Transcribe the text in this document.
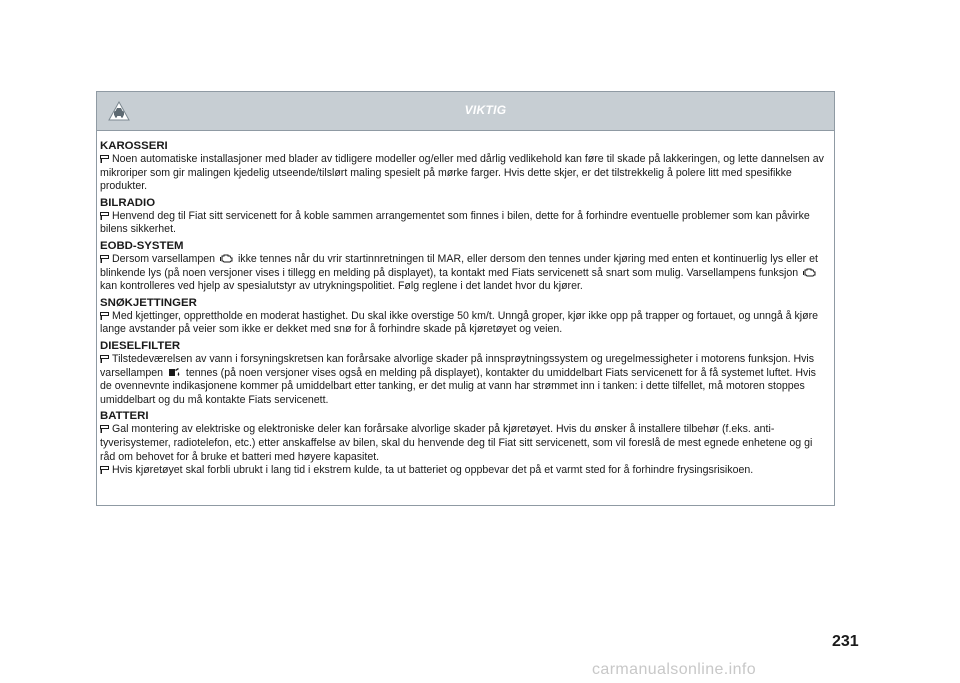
VIKTIG
KAROSSERI

Noen automatiske installasjoner med blader av tidligere modeller og/eller med dårlig vedlikehold kan føre til skade på lakkeringen, og lette dannelsen av mikroriper som gir malingen kjedelig utseende/tilslørt maling spesielt på mørke farger. Hvis dette skjer, er det tilstrekkelig å polere litt med spesifikke produkter.

BILRADIO

Henvend deg til Fiat sitt servicenett for å koble sammen arrangementet som finnes i bilen, dette for å forhindre eventuelle problemer som kan påvirke bilens sikkerhet.

EOBD-SYSTEM

Dersom varsellampen ikke tennes når du vrir startinnretningen til MAR, eller dersom den tennes under kjøring med enten et kontinuerlig lys eller et blinkende lys (på noen versjoner vises i tillegg en melding på displayet), ta kontakt med Fiats servicenett så snart som mulig. Varsellampens funksjon  kan kontrolleres ved hjelp av spesialutstyr av utrykningspolitiet. Følg reglene i det landet hvor du kjører.

SNØKJETTINGER

Med kjettinger, opprettholde en moderat hastighet. Du skal ikke overstige 50 km/t. Unngå groper, kjør ikke opp på trapper og fortauet, og unngå å kjøre lange avstander på veier som ikke er dekket med snø for å forhindre skade på kjøretøyet og veien.

DIESELFILTER

Tilstedeværelsen av vann i forsyningskretsen kan forårsake alvorlige skader på innsprøytningssystem og uregelmessigheter i motorens funksjon. Hvis varsellampen tennes (på noen versjoner vises også en melding på displayet), kontakter du umiddelbart Fiats servicenett for å få systemet luftet. Hvis de ovennevnte indikasjonene kommer på umiddelbart etter tanking, er det mulig at vann har strømmet inn i tanken: i dette tilfellet, må motoren stoppes umiddelbart og du må kontakte Fiats servicenett.

BATTERI

Gal montering av elektriske og elektroniske deler kan forårsake alvorlige skader på kjøretøyet. Hvis du ønsker å installere tilbehør (f.eks. anti-tyverisystemer, radiotelefon, etc.) etter anskaffelse av bilen, skal du henvende deg til Fiat sitt servicenett, som vil foreslå de mest egnede enhetene og gi råd om behovet for å bruke et batteri med høyere kapasitet.

Hvis kjøretøyet skal forbli ubrukt i lang tid i ekstrem kulde, ta ut batteriet og oppbevar det på et varmt sted for å forhindre frysingsrisikoen.

231
carmanualsonline.info
